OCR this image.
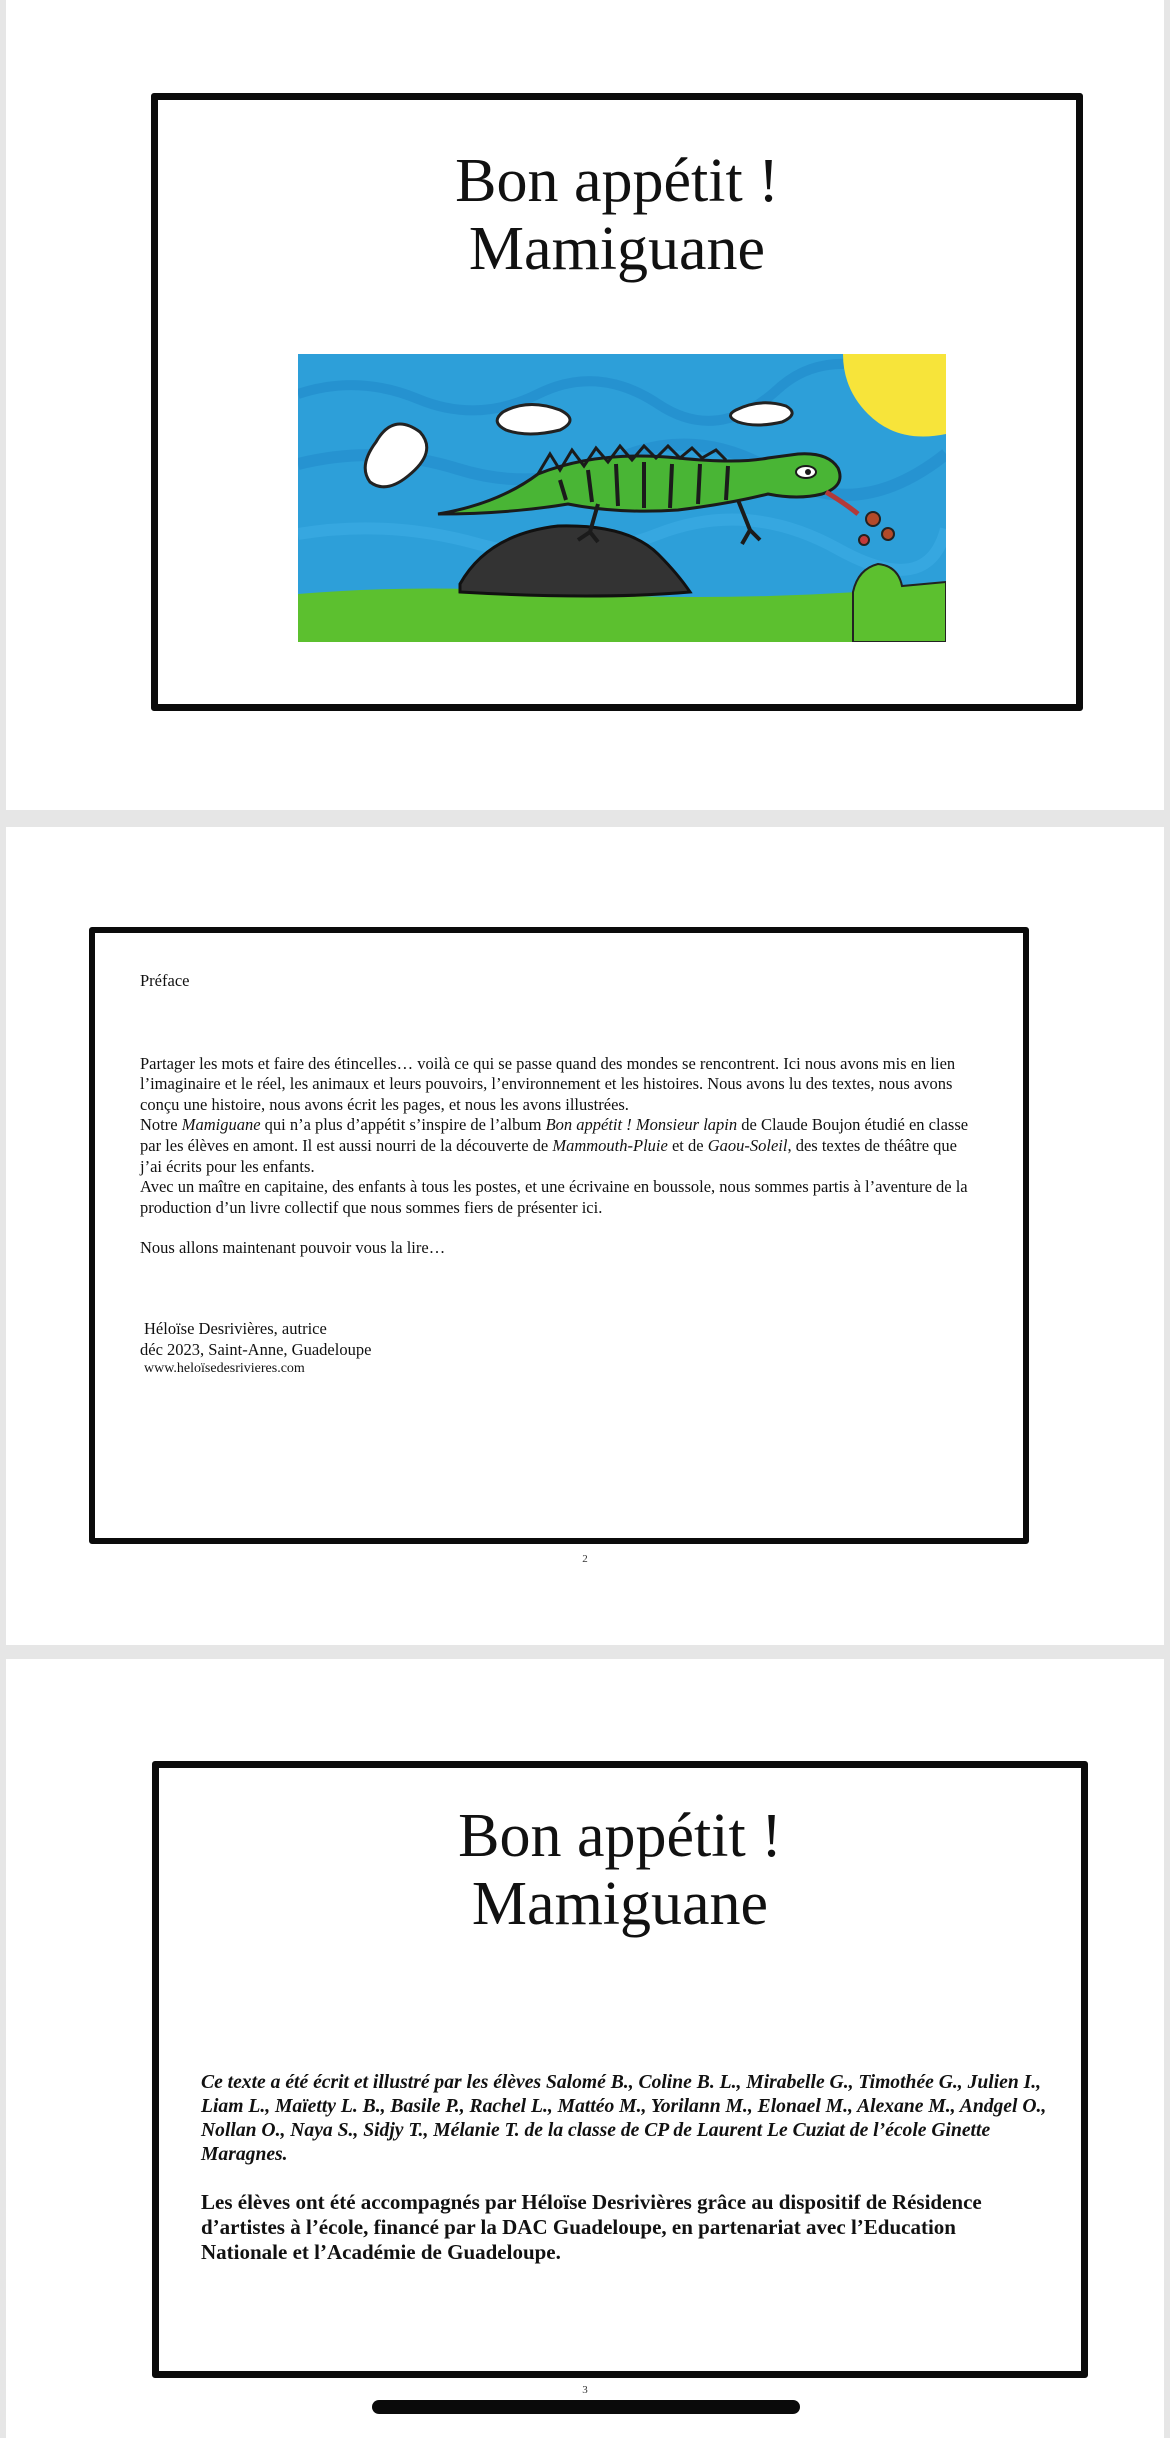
Bon appétit !
Mamiguane

Préface

Partager les mots et faire des étincelles… voilà ce qui se passe quand des mondes se rencontrent. Ici nous avons mis en lien l’imaginaire et le réel, les animaux et leurs pouvoirs, l’environnement et les histoires. Nous avons lu des textes, nous avons conçu une histoire, nous avons écrit les pages, et nous les avons illustrées.

Notre Mamiguane qui n’a plus d’appétit s’inspire de l’album Bon appétit ! Monsieur lapin de Claude Boujon étudié en classe par les élèves en amont. Il est aussi nourri de la découverte de Mammouth-Pluie et de Gaou-Soleil, des textes de théâtre que j’ai écrits pour les enfants.

Avec un maître en capitaine, des enfants à tous les postes, et une écrivaine en boussole, nous sommes partis à l’aventure de la production d’un livre collectif que nous sommes fiers de présenter ici.

Nous allons maintenant pouvoir vous la lire…

Héloïse Desrivières, autrice
déc 2023, Saint-Anne, Guadeloupe
www.heloïsedesrivieres.com

2
Bon appétit !
Mamiguane

Ce texte a été écrit et illustré par les élèves Salomé B., Coline B. L., Mirabelle G., Timothée G., Julien I., Liam L., Maïetty L. B., Basile P., Rachel L., Mattéo M., Yorilann M., Elonael M., Alexane M., Andgel O., Nollan O., Naya S., Sidjy T., Mélanie T. de la classe de CP de Laurent Le Cuziat de l’école Ginette Maragnes.

Les élèves ont été accompagnés par Héloïse Desrivières grâce au dispositif de Résidence d’artistes à l’école, financé par la DAC Guadeloupe, en partenariat avec l’Education Nationale et l’Académie de Guadeloupe.

3
